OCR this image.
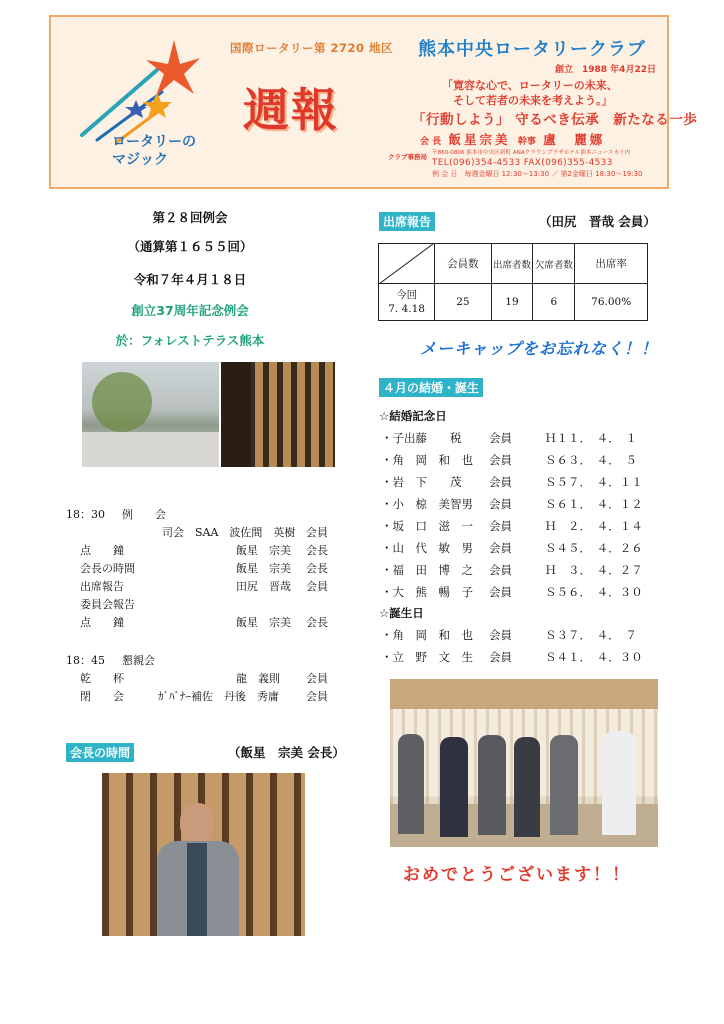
ロータリーの
マジック
国際ロータリー第 2720 地区
週報
熊本中央ロータリークラブ
創立　1988 年4月22日
「寛容な心で、ロータリーの未来、
そして若者の未来を考えよう。」
「行動しよう」 守るべき伝承　新たなる一歩
会 長 飯星宗美 幹事 盧　麗娜
クラブ事務局 〒860-0806 熊本市中央区新町 ANAクラウンプラザホテル熊本ニュースカイ内
TEL(096)354-4533 FAX(096)355-4533
例 会 日　毎週金曜日 12:30～13:30 ／ 第2金曜日 18:30～19:30
第２８回例会
（通算第１６５５回）
令和７年４月１８日
創立37周年記念例会
於：フォレストテラス熊本
18：30 例　　会
司会　SAA　波佐間　英樹 会員
点　　鐘	飯星　宗美 会長
会長の時間	飯星　宗美 会長
出席報告	田尻　晋哉 会員
委員会報告
点　　鐘	飯星　宗美 会長
18：45 懇親会
乾　　杯	龍　義則 会員
閉　　会	ｶﾞﾊﾞﾅｰ補佐　丹後　秀庸 会員
会長の時間	（飯星　宗美 会長）
出席報告	（田尻　晋哉 会員）
	会員数	出席者数	欠席者数	出席率

今回
7. 4.18	25	19	6	76.00%
メーキャップをお忘れなく！！
４月の結婚・誕生
☆結婚記念日
・子出藤　　税 会員	Ｈ１１．　４．　１
・角　岡　和　也 会員	Ｓ６３．　４．　５
・岩　下　　茂 会員	Ｓ５７．　４．１１
・小　椋　美智男 会員	Ｓ６１．　４．１２
・坂　口　滋　一 会員	Ｈ　２．　４．１４
・山　代　敏　男 会員	Ｓ４５．　４．２６
・福　田　博　之 会員	Ｈ　３．　４．２７
・大　熊　暢　子 会員	Ｓ５６．　４．３０
☆誕生日
・角　岡　和　也 会員	Ｓ３７．　４．　７
・立　野　文　生 会員	Ｓ４１．　４．３０
おめでとうございます！！
